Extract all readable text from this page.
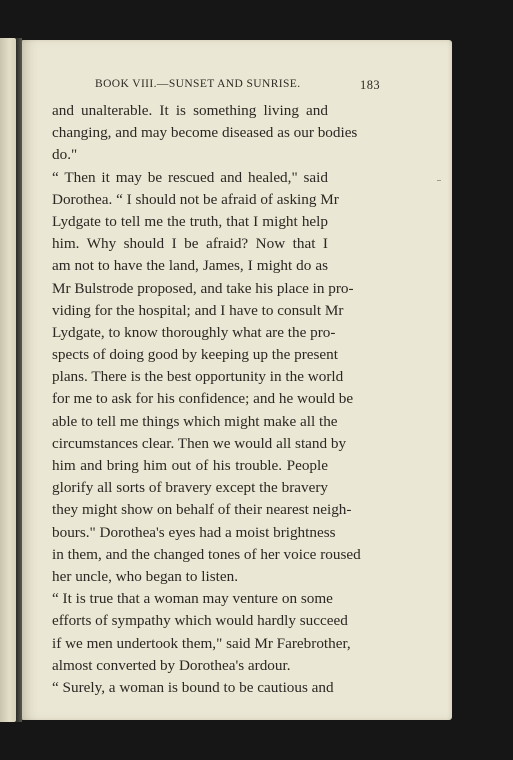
BOOK VIII.—SUNSET AND SUNRISE.	183
and unalterable. It is something living and
changing, and may become diseased as our bodies
do."
“ Then it may be rescued and healed," said
Dorothea. “ I should not be afraid of asking Mr
Lydgate to tell me the truth, that I might help
him. Why should I be afraid? Now that I
am not to have the land, James, I might do as
Mr Bulstrode proposed, and take his place in pro-
viding for the hospital; and I have to consult Mr
Lydgate, to know thoroughly what are the pro-
spects of doing good by keeping up the present
plans. There is the best opportunity in the world
for me to ask for his confidence; and he would be
able to tell me things which might make all the
circumstances clear. Then we would all stand by
him and bring him out of his trouble. People
glorify all sorts of bravery except the bravery
they might show on behalf of their nearest neigh-
bours." Dorothea's eyes had a moist brightness
in them, and the changed tones of her voice roused
her uncle, who began to listen.
“ It is true that a woman may venture on some
efforts of sympathy which would hardly succeed
if we men undertook them," said Mr Farebrother,
almost converted by Dorothea's ardour.
“ Surely, a woman is bound to be cautious and
